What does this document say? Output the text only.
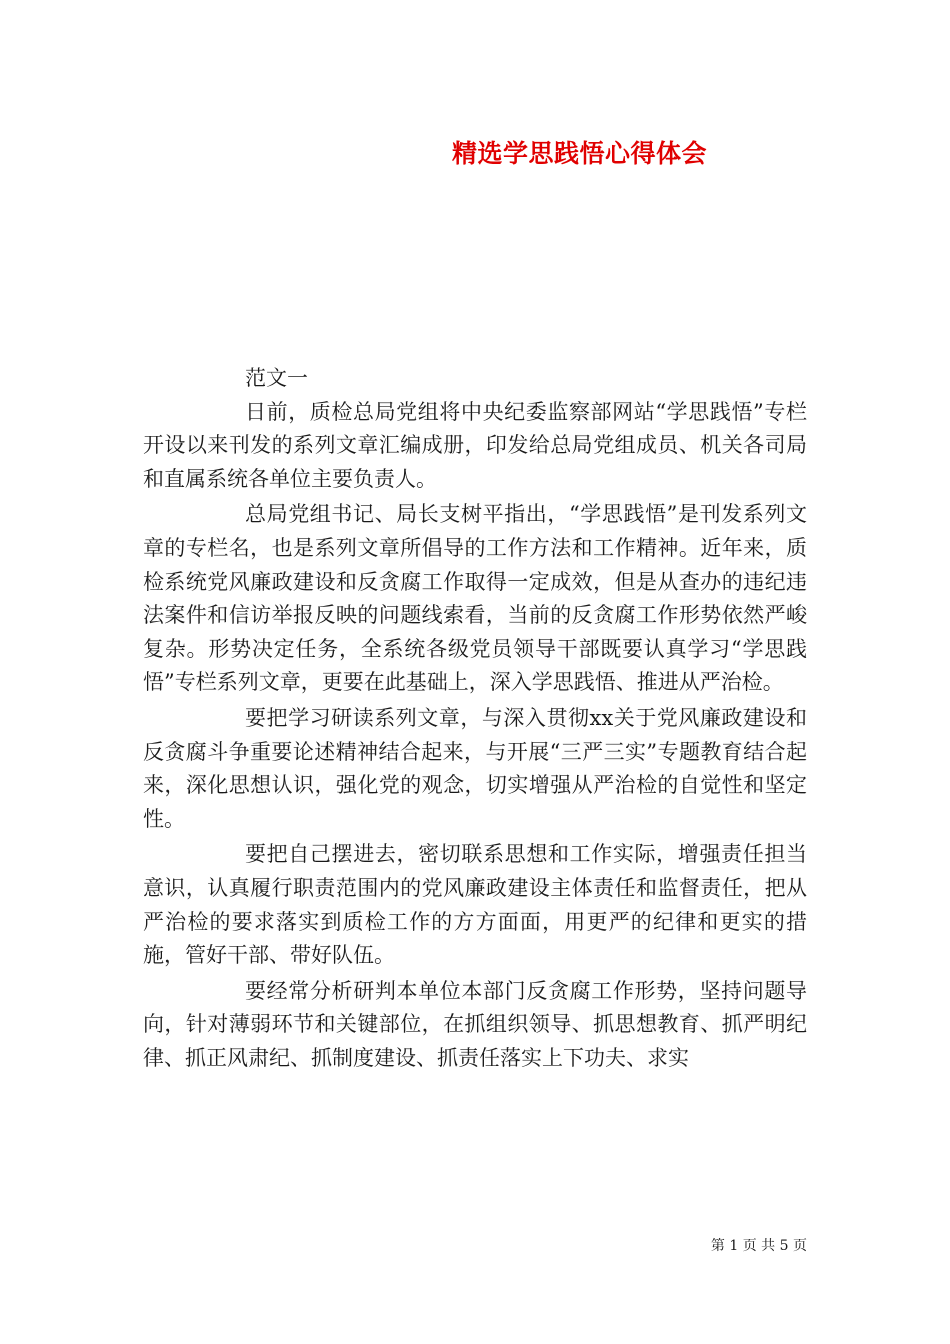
精选学思践悟心得体会

范文一

日前，质检总局党组将中央纪委监察部网站“学思践悟”专栏开设以来刊发的系列文章汇编成册，印发给总局党组成员、机关各司局和直属系统各单位主要负责人。

总局党组书记、局长支树平指出，“学思践悟”是刊发系列文章的专栏名，也是系列文章所倡导的工作方法和工作精神。近年来，质检系统党风廉政建设和反贪腐工作取得一定成效，但是从查办的违纪违法案件和信访举报反映的问题线索看，当前的反贪腐工作形势依然严峻复杂。形势决定任务，全系统各级党员领导干部既要认真学习“学思践悟”专栏系列文章，更要在此基础上，深入学思践悟、推进从严治检。

要把学习研读系列文章，与深入贯彻xx关于党风廉政建设和反贪腐斗争重要论述精神结合起来，与开展“三严三实”专题教育结合起来，深化思想认识，强化党的观念，切实增强从严治检的自觉性和坚定性。

要把自己摆进去，密切联系思想和工作实际，增强责任担当意识，认真履行职责范围内的党风廉政建设主体责任和监督责任，把从严治检的要求落实到质检工作的方方面面，用更严的纪律和更实的措施，管好干部、带好队伍。

要经常分析研判本单位本部门反贪腐工作形势，坚持问题导向，针对薄弱环节和关键部位，在抓组织领导、抓思想教育、抓严明纪律、抓正风肃纪、抓制度建设、抓责任落实上下功夫、求实

第 1 页 共 5 页
